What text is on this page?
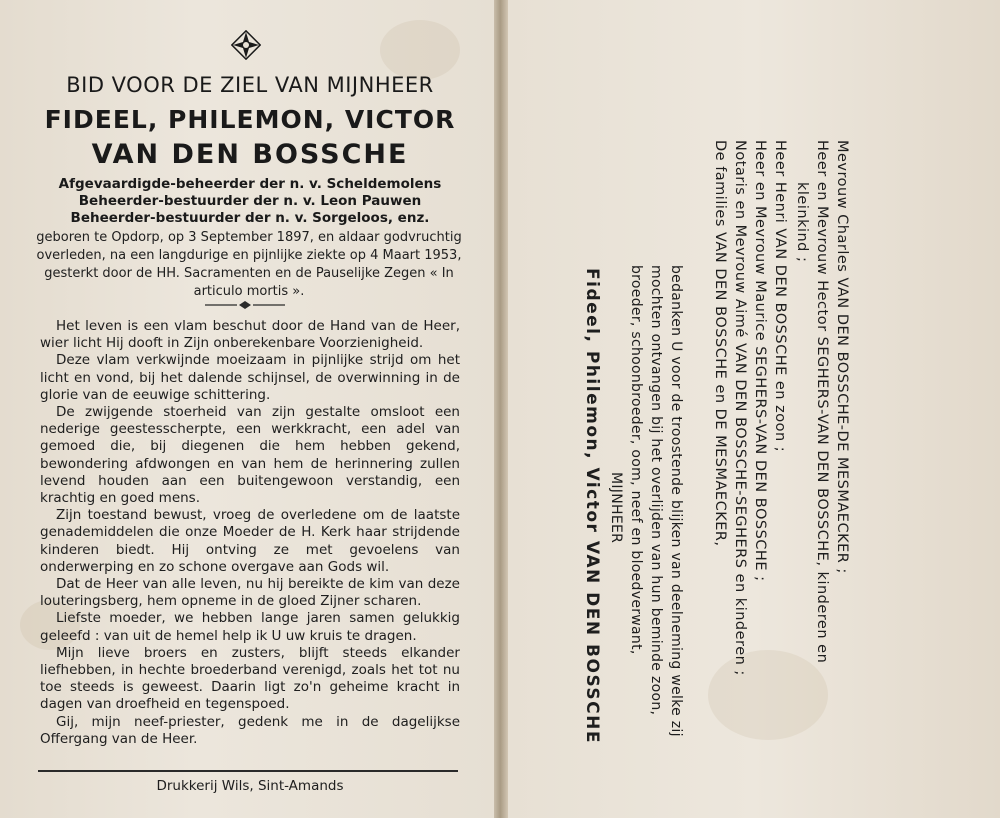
BID VOOR DE ZIEL VAN MIJNHEER
FIDEEL, PHILEMON, VICTOR
VAN DEN BOSSCHE
Afgevaardigde-beheerder der n. v. Scheldemolens
Beheerder-bestuurder der n. v. Leon Pauwen
Beheerder-bestuurder der n. v. Sorgeloos, enz.
geboren te Opdorp, op 3 September 1897, en aldaar godvruchtig overleden, na een langdurige en pijnlijke ziekte op 4 Maart 1953, gesterkt door de HH. Sacramenten en de Pauselijke Zegen « In articulo mortis ».

Het leven is een vlam beschut door de Hand van de Heer, wier licht Hij dooft in Zijn onberekenbare Voorzienigheid.

Deze vlam verkwijnde moeizaam in pijnlijke strijd om het licht en vond, bij het dalende schijnsel, de overwinning in de glorie van de eeuwige schittering.

De zwijgende stoerheid van zijn gestalte omsloot een nederige geestesscherpte, een werkkracht, een adel van gemoed die, bij diegenen die hem hebben gekend, bewondering afdwongen en van hem de herinnering zullen levend houden aan een buitengewoon verstandig, een krachtig en goed mens.

Zijn toestand bewust, vroeg de overledene om de laatste genademiddelen die onze Moeder de H. Kerk haar strijdende kinderen biedt. Hij ontving ze met gevoelens van onderwerping en zo schone overgave aan Gods wil.

Dat de Heer van alle leven, nu hij bereikte de kim van deze louteringsberg, hem opneme in de gloed Zijner scharen.

Liefste moeder, we hebben lange jaren samen gelukkig geleefd : van uit de hemel help ik U uw kruis te dragen.

Mijn lieve broers en zusters, blijft steeds elkander liefhebben, in hechte broederband verenigd, zoals het tot nu toe steeds is geweest. Daarin ligt zo'n geheime kracht in dagen van droefheid en tegenspoed.

Gij, mijn neef-priester, gedenk me in de dagelijkse Offergang van de Heer.

Drukkerij Wils, Sint-Amands
Mevrouw Charles VAN DEN BOSSCHE-DE MESMAECKER ;
Heer en Mevrouw Hector SEGHERS-VAN DEN BOSSCHE, kinderen en
kleinkind ;
Heer Henri VAN DEN BOSSCHE en zoon ;
Heer en Mevrouw Maurice SEGHERS-VAN DEN BOSSCHE ;
Notaris en Mevrouw Aimé VAN DEN BOSSCHE-SEGHERS en kinderen ;
De families VAN DEN BOSSCHE en DE MESMAECKER,
bedanken U voor de troostende blijken van deelneming welke zij
mochten ontvangen bij het overlijden van hun beminde zoon,
broeder, schoonbroeder, oom, neef en bloedverwant,
MIJNHEER
Fideel, Philemon, Victor VAN DEN BOSSCHE
